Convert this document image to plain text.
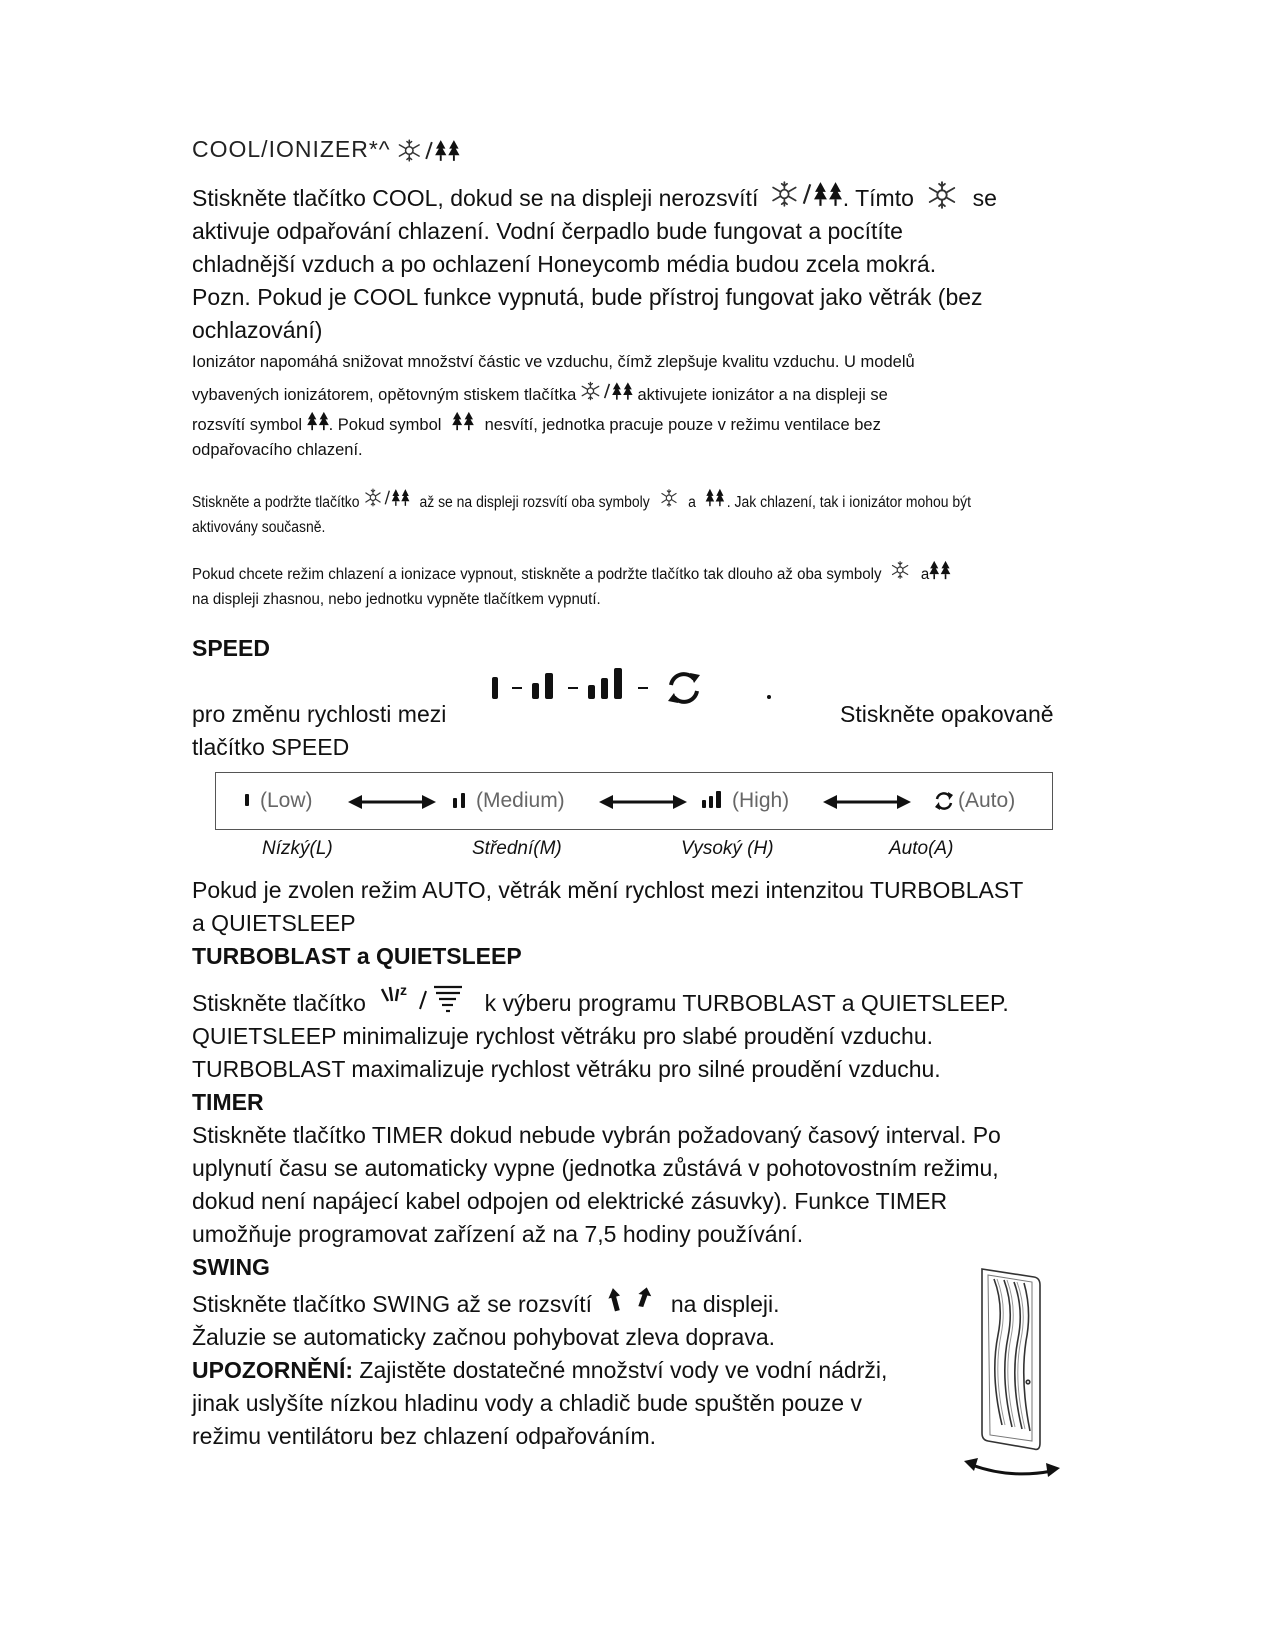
COOL/IONIZER*^
Stiskněte tlačítko COOL, dokud se na displeji nerozsvítí	. Tímto	se
aktivuje odpařování chlazení. Vodní čerpadlo bude fungovat a pocítíte
chladnější vzduch a po ochlazení Honeycomb média budou zcela mokrá.
Pozn. Pokud je COOL funkce vypnutá, bude přístroj fungovat jako větrák (bez
ochlazování)
Ionizátor napomáhá snižovat množství částic ve vzduchu, čímž zlepšuje kvalitu vzduchu. U modelů
vybavených ionizátorem, opětovným stiskem tlačítka	aktivujete ionizátor a na displeji se
rozsvítí symbol . Pokud symbol	nesvítí, jednotka pracuje pouze v režimu ventilace bez
odpařovacího chlazení.
Stiskněte a podržte tlačítko	až se na displeji rozsvítí oba symboly a . Jak chlazení, tak i ionizátor mohou být
aktivovány současně.
Pokud chcete režim chlazení a ionizace vypnout, stiskněte a podržte tlačítko tak dlouho až oba symboly	a
na displeji zhasnou, nebo jednotku vypněte tlačítkem vypnutí.
SPEED
pro změnu rychlosti mezi	Stiskněte opakovaně
tlačítko SPEED
(Low)	(Medium)	(High)	(Auto)
Nízký(L)	Střední(M)	Vysoký (H)	Auto(A)
Pokud je zvolen režim AUTO, větrák mění rychlost mezi intenzitou TURBOBLAST
a QUIETSLEEP
TURBOBLAST a QUIETSLEEP
Stiskněte tlačítko
z
k výberu programu TURBOBLAST a QUIETSLEEP.
QUIETSLEEP minimalizuje rychlost větráku pro slabé proudění vzduchu.
TURBOBLAST maximalizuje rychlost větráku pro silné proudění vzduchu.
TIMER
Stiskněte tlačítko TIMER dokud nebude vybrán požadovaný časový interval. Po
uplynutí času se automaticky vypne (jednotka zůstává v pohotovostním režimu,
dokud není napájecí kabel odpojen od elektrické zásuvky). Funkce TIMER
umožňuje programovat zařízení až na 7,5 hodiny používání.
SWING
Stiskněte tlačítko SWING až se rozsvítí	na displeji.
Žaluzie se automaticky začnou pohybovat zleva doprava.
UPOZORNĚNÍ: Zajistěte dostatečné množství vody ve vodní nádrži,
jinak uslyšíte nízkou hladinu vody a chladič bude spuštěn pouze v
režimu ventilátoru bez chlazení odpařováním.
